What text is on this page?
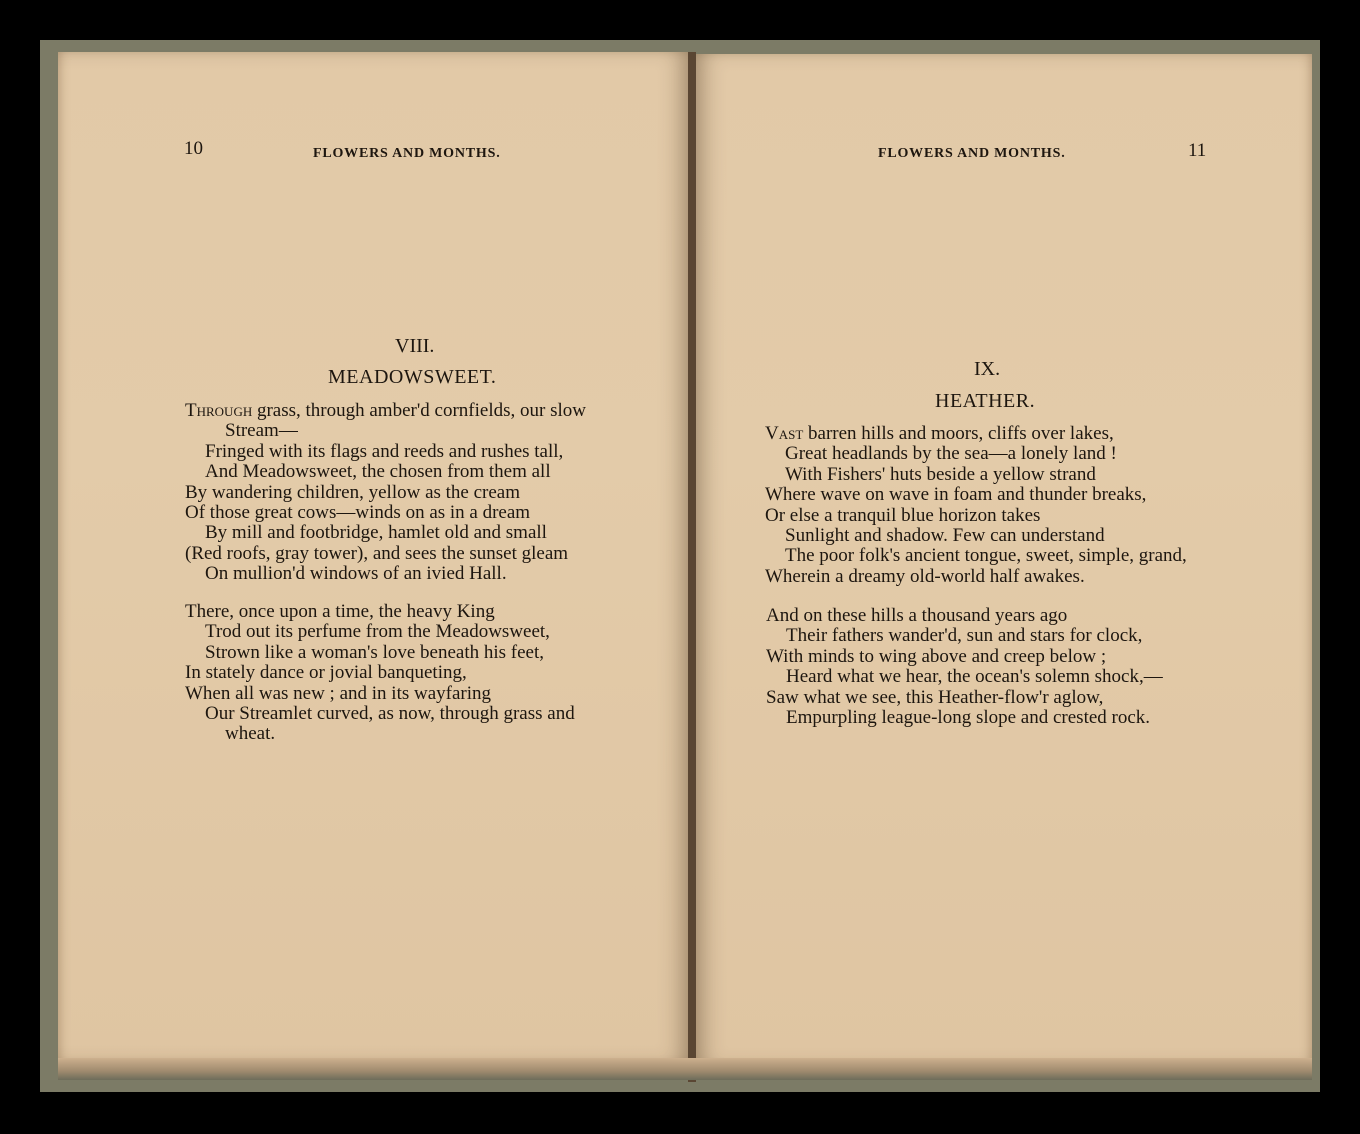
10	FLOWERS AND MONTHS.
VIII.
MEADOWSWEET.
Through grass, through amber'd cornfields, our slow
Stream—
Fringed with its flags and reeds and rushes tall,
And Meadowsweet, the chosen from them all
By wandering children, yellow as the cream
Of those great cows—winds on as in a dream
By mill and footbridge, hamlet old and small
(Red roofs, gray tower), and sees the sunset gleam
On mullion'd windows of an ivied Hall.
There, once upon a time, the heavy King
Trod out its perfume from the Meadowsweet,
Strown like a woman's love beneath his feet,
In stately dance or jovial banqueting,
When all was new ; and in its wayfaring
Our Streamlet curved, as now, through grass and
wheat.
FLOWERS AND MONTHS.	11
IX.
HEATHER.
Vast barren hills and moors, cliffs over lakes,
Great headlands by the sea—a lonely land !
With Fishers' huts beside a yellow strand
Where wave on wave in foam and thunder breaks,
Or else a tranquil blue horizon takes
Sunlight and shadow. Few can understand
The poor folk's ancient tongue, sweet, simple, grand,
Wherein a dreamy old-world half awakes.
And on these hills a thousand years ago
Their fathers wander'd, sun and stars for clock,
With minds to wing above and creep below ;
Heard what we hear, the ocean's solemn shock,—
Saw what we see, this Heather-flow'r aglow,
Empurpling league-long slope and crested rock.
